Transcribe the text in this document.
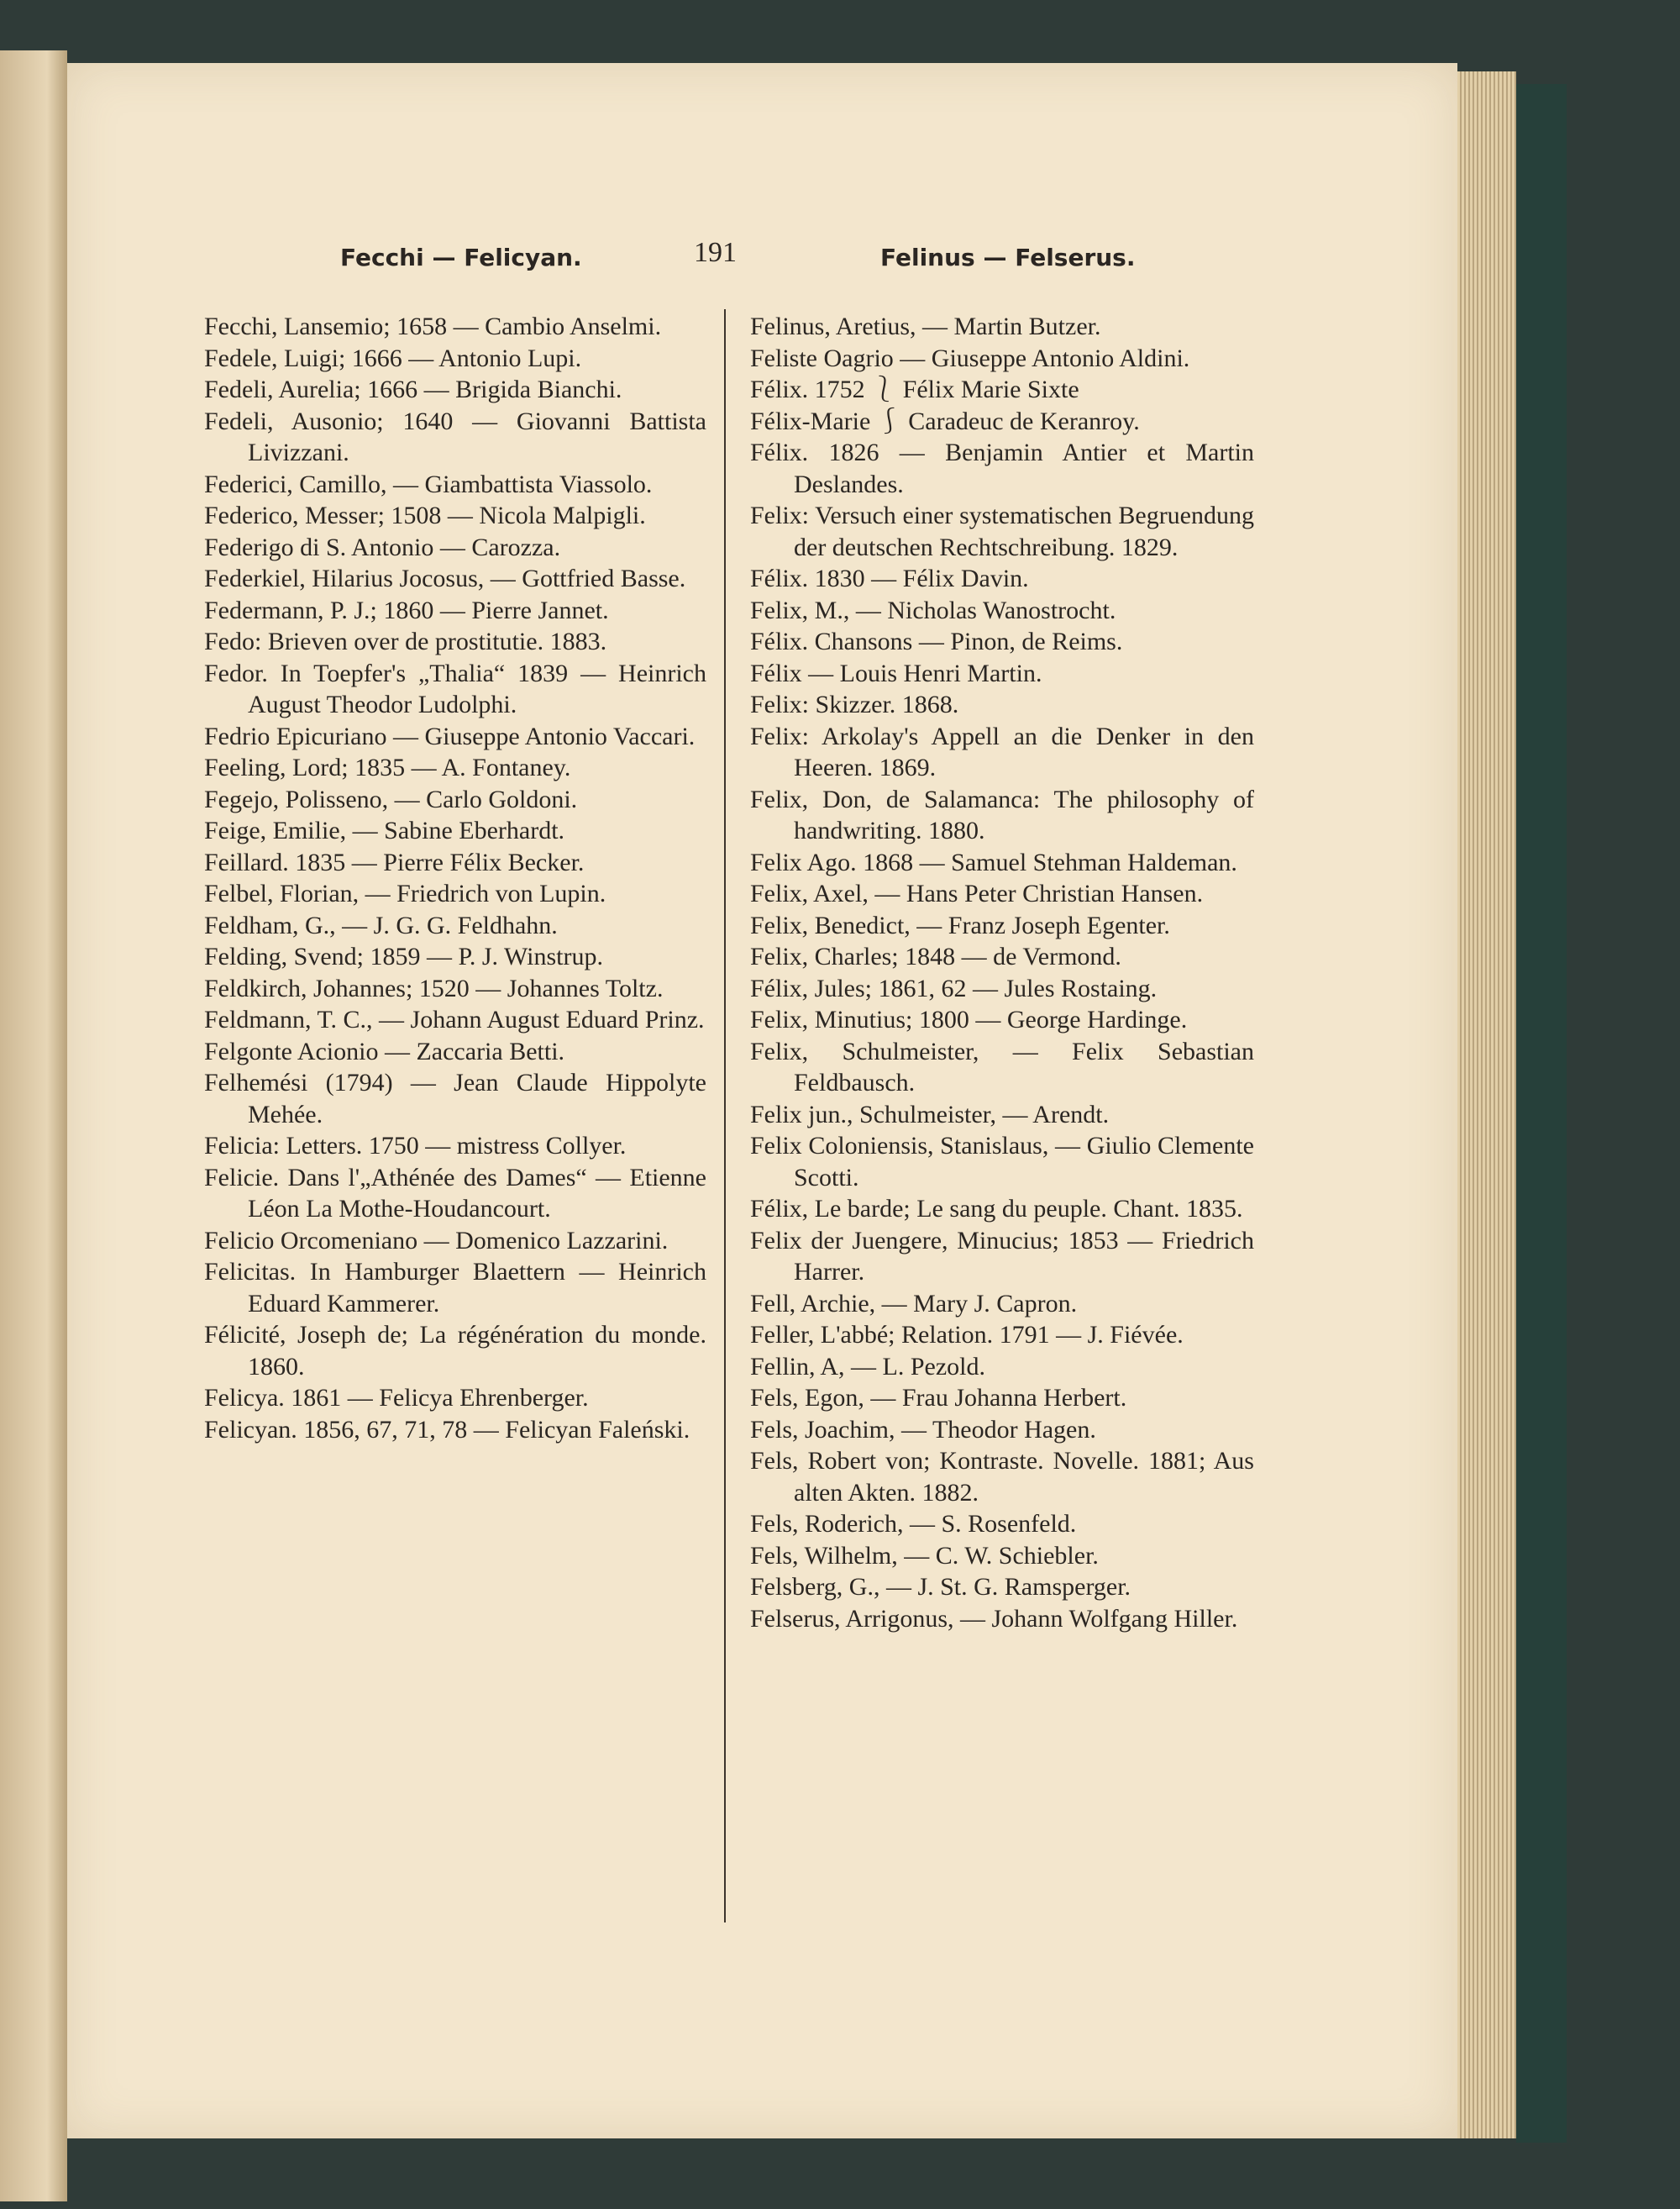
Fecchi — Felicyan.	191	Felinus — Felserus.

Fecchi, Lansemio; 1658 — Cambio Anselmi.

Fedele, Luigi; 1666 — Antonio Lupi.

Fedeli, Aurelia; 1666 — Brigida Bianchi.

Fedeli, Ausonio; 1640 — Giovanni Battista Livizzani.

Federici, Camillo, — Giambattista Viassolo.

Federico, Messer; 1508 — Nicola Malpigli.

Federigo di S. Antonio — Carozza.

Federkiel, Hilarius Jocosus, — Gottfried Basse.

Federmann, P. J.; 1860 — Pierre Jannet.

Fedo: Brieven over de prostitutie. 1883.

Fedor. In Toepfer's „Thalia“ 1839 — Heinrich August Theodor Ludolphi.

Fedrio Epicuriano — Giuseppe Antonio Vaccari.

Feeling, Lord; 1835 — A. Fontaney.

Fegejo, Polisseno, — Carlo Goldoni.

Feige, Emilie, — Sabine Eberhardt.

Feillard. 1835 — Pierre Félix Becker.

Felbel, Florian, — Friedrich von Lupin.

Feldham, G., — J. G. G. Feldhahn.

Felding, Svend; 1859 — P. J. Winstrup.

Feldkirch, Johannes; 1520 — Johannes Toltz.

Feldmann, T. C., — Johann August Eduard Prinz.

Felgonte Acionio — Zaccaria Betti.

Felhemési (1794) — Jean Claude Hippolyte Mehée.

Felicia: Letters. 1750 — mistress Collyer.

Felicie. Dans l'„Athénée des Dames“ — Etienne Léon La Mothe-Houdancourt.

Felicio Orcomeniano — Domenico Lazzarini.

Felicitas. In Hamburger Blaettern — Heinrich Eduard Kammerer.

Félicité, Joseph de; La régénération du monde. 1860.

Felicya. 1861 — Felicya Ehrenberger.

Felicyan. 1856, 67, 71, 78 — Felicyan Faleński.

Felinus, Aretius, — Martin Butzer.

Feliste Oagrio — Giuseppe Antonio Aldini.

Félix. 1752 ⎱ Félix Marie Sixte

Félix-Marie ⎰ Caradeuc de Keranroy.

Félix. 1826 — Benjamin Antier et Martin Deslandes.

Felix: Versuch einer systematischen Begruendung der deutschen Rechtschreibung. 1829.

Félix. 1830 — Félix Davin.

Felix, M., — Nicholas Wanostrocht.

Félix. Chansons — Pinon, de Reims.

Félix — Louis Henri Martin.

Felix: Skizzer. 1868.

Felix: Arkolay's Appell an die Denker in den Heeren. 1869.

Felix, Don, de Salamanca: The philosophy of handwriting. 1880.

Felix Ago. 1868 — Samuel Stehman Haldeman.

Felix, Axel, — Hans Peter Christian Hansen.

Felix, Benedict, — Franz Joseph Egenter.

Felix, Charles; 1848 — de Vermond.

Félix, Jules; 1861, 62 — Jules Rostaing.

Felix, Minutius; 1800 — George Hardinge.

Felix, Schulmeister, — Felix Sebastian Feldbausch.

Felix jun., Schulmeister, — Arendt.

Felix Coloniensis, Stanislaus, — Giulio Clemente Scotti.

Félix, Le barde; Le sang du peuple. Chant. 1835.

Felix der Juengere, Minucius; 1853 — Friedrich Harrer.

Fell, Archie, — Mary J. Capron.

Feller, L'abbé; Relation. 1791 — J. Fiévée.

Fellin, A, — L. Pezold.

Fels, Egon, — Frau Johanna Herbert.

Fels, Joachim, — Theodor Hagen.

Fels, Robert von; Kontraste. Novelle. 1881; Aus alten Akten. 1882.

Fels, Roderich, — S. Rosenfeld.

Fels, Wilhelm, — C. W. Schiebler.

Felsberg, G., — J. St. G. Ramsperger.

Felserus, Arrigonus, — Johann Wolfgang Hiller.
